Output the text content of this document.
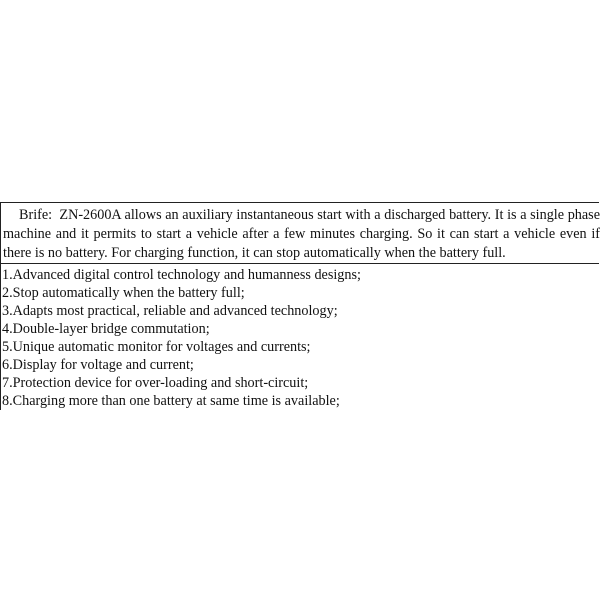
Brife: ZN-2600A allows an auxiliary instantaneous start with a discharged battery. It is a single phase machine and it permits to start a vehicle after a few minutes charging. So it can start a vehicle even if there is no battery. For charging function, it can stop automatically when the battery full.

1.Advanced digital control technology and humanness designs;
2.Stop automatically when the battery full;
3.Adapts most practical, reliable and advanced technology;
4.Double-layer bridge commutation;
5.Unique automatic monitor for voltages and currents;
6.Display for voltage and current;
7.Protection device for over-loading and short-circuit;
8.Charging more than one battery at same time is available;
